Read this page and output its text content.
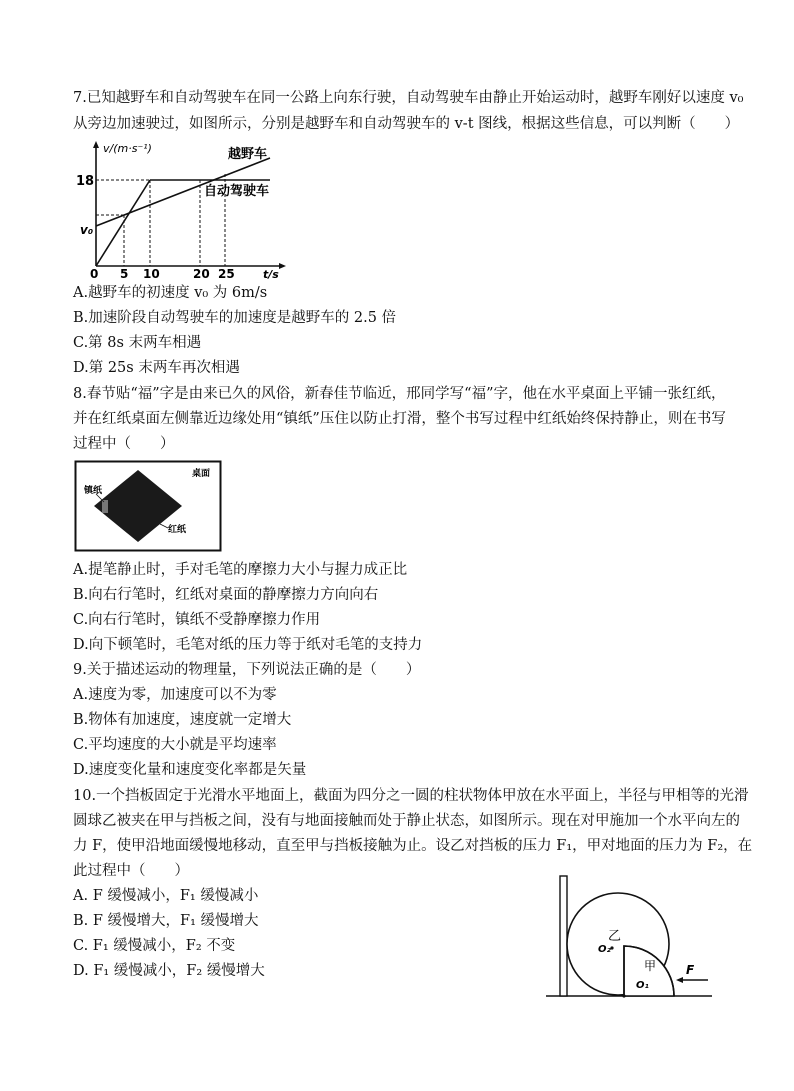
7.已知越野车和自动驾驶车在同一公路上向东行驶，自动驾驶车由静止开始运动时，越野车刚好以速度 v₀
从旁边加速驶过，如图所示，分别是越野车和自动驾驶车的 v-t 图线，根据这些信息，可以判断（　　）
v/(m·s⁻¹)
18
v₀
越野车
自动驾驶车
0 5 10	20 25	t/s
A.越野车的初速度 v₀ 为 6m/s
B.加速阶段自动驾驶车的加速度是越野车的 2.5 倍
C.第 8s 末两车相遇
D.第 25s 末两车再次相遇
8.春节贴“福”字是由来已久的风俗，新春佳节临近，邢同学写“福”字，他在水平桌面上平铺一张红纸，
并在红纸桌面左侧靠近边缘处用“镇纸”压住以防止打滑，整个书写过程中红纸始终保持静止，则在书写
过程中（　　）
桌面
镇纸
红纸
A.提笔静止时，手对毛笔的摩擦力大小与握力成正比
B.向右行笔时，红纸对桌面的静摩擦力方向向右
C.向右行笔时，镇纸不受静摩擦力作用
D.向下顿笔时，毛笔对纸的压力等于纸对毛笔的支持力
9.关于描述运动的物理量，下列说法正确的是（　　）
A.速度为零，加速度可以不为零
B.物体有加速度，速度就一定增大
C.平均速度的大小就是平均速率
D.速度变化量和速度变化率都是矢量
10.一个挡板固定于光滑水平地面上，截面为四分之一圆的柱状物体甲放在水平面上，半径与甲相等的光滑
圆球乙被夹在甲与挡板之间，没有与地面接触而处于静止状态，如图所示。现在对甲施加一个水平向左的
力 F，使甲沿地面缓慢地移动，直至甲与挡板接触为止。设乙对挡板的压力 F₁，甲对地面的压力为 F₂，在
此过程中（　　）
A. F 缓慢减小，F₁ 缓慢减小
B. F 缓慢增大，F₁ 缓慢增大
C. F₁ 缓慢减小，F₂ 不变
D. F₁ 缓慢减小，F₂ 缓慢增大
乙
O₂
甲
O₁
F
